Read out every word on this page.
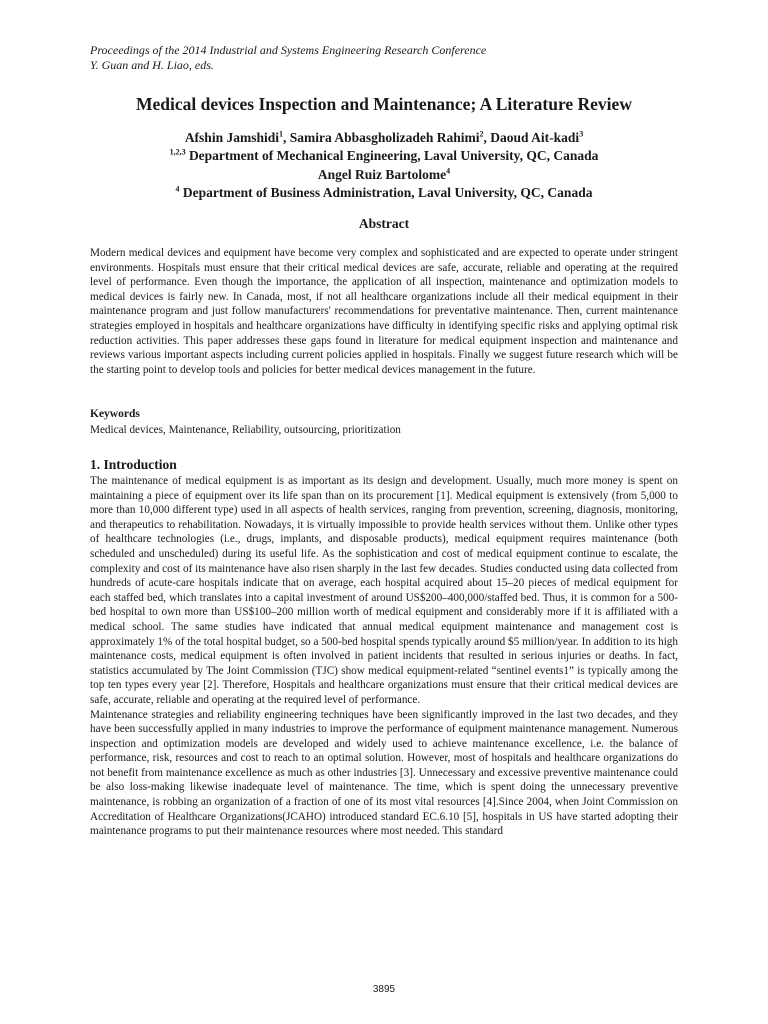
Proceedings of the 2014 Industrial and Systems Engineering Research Conference
Y. Guan and H. Liao, eds.
Medical devices Inspection and Maintenance; A Literature Review
Afshin Jamshidi$^1$, Samira Abbasgholizadeh Rahimi$^2$, Daoud Ait-kadi$^3$
$^{1,2,3}$ Department of Mechanical Engineering, Laval University, QC, Canada
Angel Ruiz Bartolome$^4$
$^4$ Department of Business Administration, Laval University, QC, Canada
Abstract
Modern medical devices and equipment have become very complex and sophisticated and are expected to operate under stringent environments. Hospitals must ensure that their critical medical devices are safe, accurate, reliable and operating at the required level of performance. Even though the importance, the application of all inspection, maintenance and optimization models to medical devices is fairly new. In Canada, most, if not all healthcare organizations include all their medical equipment in their maintenance program and just follow manufacturers' recommendations for preventative maintenance. Then, current maintenance strategies employed in hospitals and healthcare organizations have difficulty in identifying specific risks and applying optimal risk reduction activities. This paper addresses these gaps found in literature for medical equipment inspection and maintenance and reviews various important aspects including current policies applied in hospitals. Finally we suggest future research which will be the starting point to develop tools and policies for better medical devices management in the future.
Keywords
Medical devices, Maintenance, Reliability, outsourcing, prioritization
1. Introduction

The maintenance of medical equipment is as important as its design and development. Usually, much more money is spent on maintaining a piece of equipment over its life span than on its procurement [1]. Medical equipment is extensively (from 5,000 to more than 10,000 different type) used in all aspects of health services, ranging from prevention, screening, diagnosis, monitoring, and therapeutics to rehabilitation. Nowadays, it is virtually impossible to provide health services without them. Unlike other types of healthcare technologies (i.e., drugs, implants, and disposable products), medical equipment requires maintenance (both scheduled and unscheduled) during its useful life. As the sophistication and cost of medical equipment continue to escalate, the complexity and cost of its maintenance have also risen sharply in the last few decades. Studies conducted using data collected from hundreds of acute-care hospitals indicate that on average, each hospital acquired about 15–20 pieces of medical equipment for each staffed bed, which translates into a capital investment of around US$200–400,000/staffed bed. Thus, it is common for a 500-bed hospital to own more than US$100–200 million worth of medical equipment and considerably more if it is affiliated with a medical school. The same studies have indicated that annual medical equipment maintenance and management cost is approximately 1% of the total hospital budget, so a 500-bed hospital spends typically around $5 million/year. In addition to its high maintenance costs, medical equipment is often involved in patient incidents that resulted in serious injuries or deaths. In fact, statistics accumulated by The Joint Commission (TJC) show medical equipment-related “sentinel events1” is typically among the top ten types every year [2]. Therefore, Hospitals and healthcare organizations must ensure that their critical medical devices are safe, accurate, reliable and operating at the required level of performance.

Maintenance strategies and reliability engineering techniques have been significantly improved in the last two decades, and they have been successfully applied in many industries to improve the performance of equipment maintenance management. Numerous inspection and optimization models are developed and widely used to achieve maintenance excellence, i.e. the balance of performance, risk, resources and cost to reach to an optimal solution. However, most of hospitals and healthcare organizations do not benefit from maintenance excellence as much as other industries [3]. Unnecessary and excessive preventive maintenance could be also loss-making likewise inadequate level of maintenance. The time, which is spent doing the unnecessary preventive maintenance, is robbing an organization of a fraction of one of its most vital resources [4].Since 2004, when Joint Commission on Accreditation of Healthcare Organizations(JCAHO) introduced standard EC.6.10 [5], hospitals in US have started adopting their maintenance programs to put their maintenance resources where most needed. This standard

3895
